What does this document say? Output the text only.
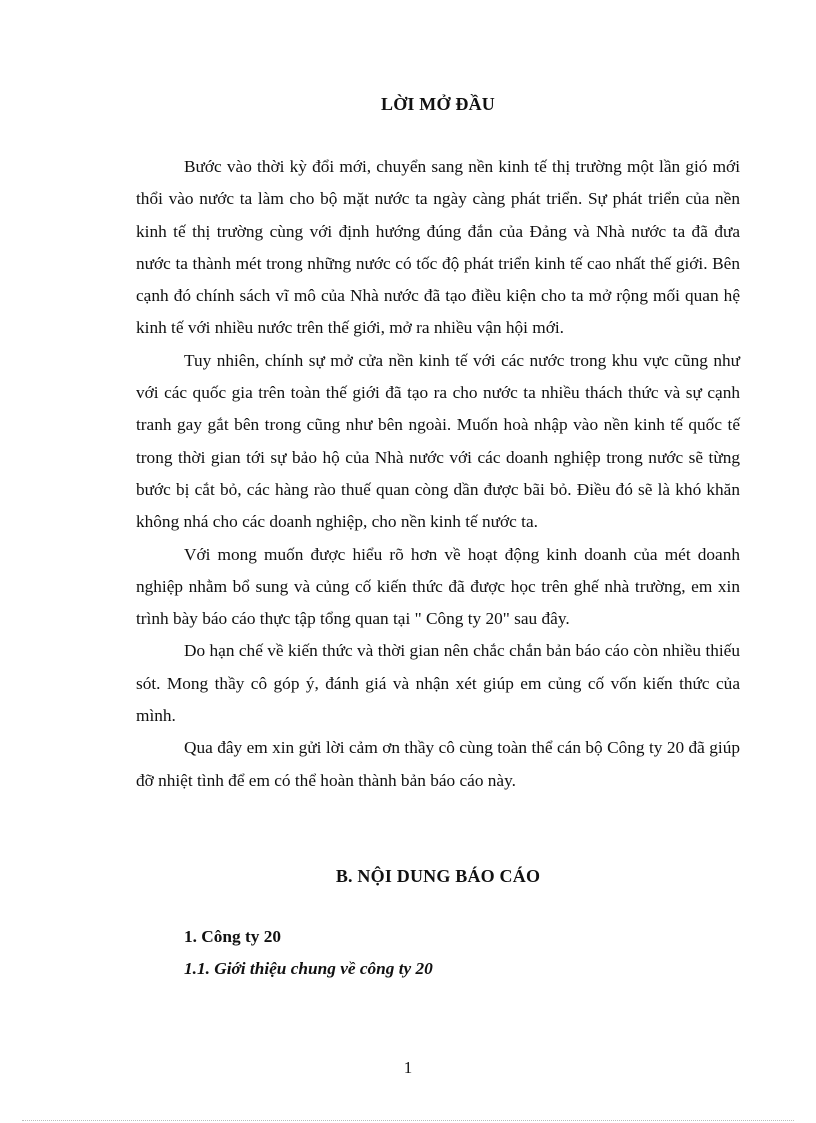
LỜI MỞ ĐẦU

Bước vào thời kỳ đổi mới, chuyển sang nền kinh tế thị trường một lần gió mới thổi vào nước ta làm cho bộ mặt nước ta ngày càng phát triển. Sự phát triển của nền kinh tế thị trường cùng với định hướng đúng đắn của Đảng và Nhà nước ta đã đưa nước ta thành mét trong những nước có tốc độ phát triển kinh tế cao nhất thế giới. Bên cạnh đó chính sách vĩ mô của Nhà nước đã tạo điều kiện cho ta mở rộng mối quan hệ kinh tế với nhiều nước trên thế giới, mở ra nhiều vận hội mới.

Tuy nhiên, chính sự mở cửa nền kinh tế với các nước trong khu vực cũng như với các quốc gia trên toàn thế giới đã tạo ra cho nước ta nhiều thách thức và sự cạnh tranh gay gắt bên trong cũng như bên ngoài. Muốn hoà nhập vào nền kinh tế quốc tế trong thời gian tới sự bảo hộ của Nhà nước với các doanh nghiệp trong nước sẽ từng bước bị cắt bỏ, các hàng rào thuế quan còng dần được bãi bỏ. Điều đó sẽ là khó khăn không nhá cho các doanh nghiệp, cho nền kinh tế nước ta.

Với mong muốn được hiểu rõ hơn về hoạt động kinh doanh của mét doanh nghiệp nhằm bổ sung và củng cố kiến thức đã được học trên ghế nhà trường, em xin trình bày báo cáo thực tập tổng quan tại " Công ty 20" sau đây.

Do hạn chế về kiến thức và thời gian nên chắc chắn bản báo cáo còn nhiều thiếu sót. Mong thầy cô góp ý, đánh giá và nhận xét giúp em củng cố vốn kiến thức của mình.

Qua đây em xin gửi lời cảm ơn thầy cô cùng toàn thể cán bộ Công ty 20 đã giúp đỡ nhiệt tình để em có thể hoàn thành bản báo cáo này.

B. NỘI DUNG BÁO CÁO
1. Công ty 20
1.1. Giới thiệu chung về công ty 20
1
